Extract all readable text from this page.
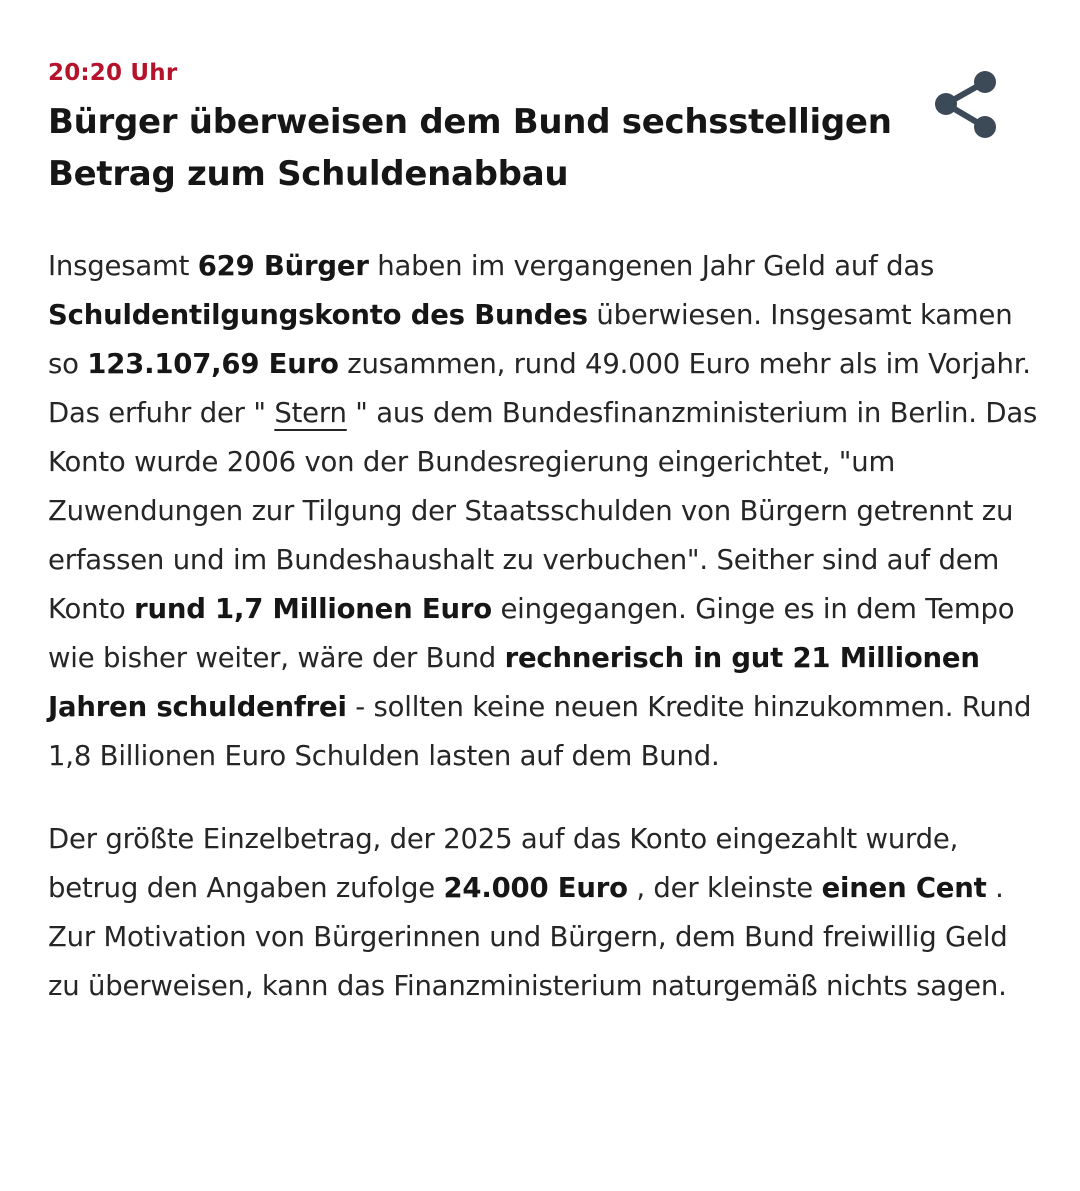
20:20 Uhr
Bürger überweisen dem Bund sechsstelligen
Betrag zum Schuldenabbau

Insgesamt 629 Bürger haben im vergangenen Jahr Geld auf das Schuldentilgungskonto des Bundes überwiesen. Insgesamt kamen so 123.107,69 Euro zusammen, rund 49.000 Euro mehr als im Vorjahr. Das erfuhr der " Stern " aus dem Bundesfinanzministerium in Berlin. Das Konto wurde 2006 von der Bundesregierung eingerichtet, "um Zuwendungen zur Tilgung der Staatsschulden von Bürgern getrennt zu erfassen und im Bundeshaushalt zu verbuchen". Seither sind auf dem Konto rund 1,7 Millionen Euro eingegangen. Ginge es in dem Tempo wie bisher weiter, wäre der Bund rechnerisch in gut 21 Millionen Jahren schuldenfrei - sollten keine neuen Kredite hinzukommen. Rund 1,8 Billionen Euro Schulden lasten auf dem Bund.

Der größte Einzelbetrag, der 2025 auf das Konto eingezahlt wurde, betrug den Angaben zufolge 24.000 Euro , der kleinste einen Cent . Zur Motivation von Bürgerinnen und Bürgern, dem Bund freiwillig Geld zu überweisen, kann das Finanzministerium naturgemäß nichts sagen.
